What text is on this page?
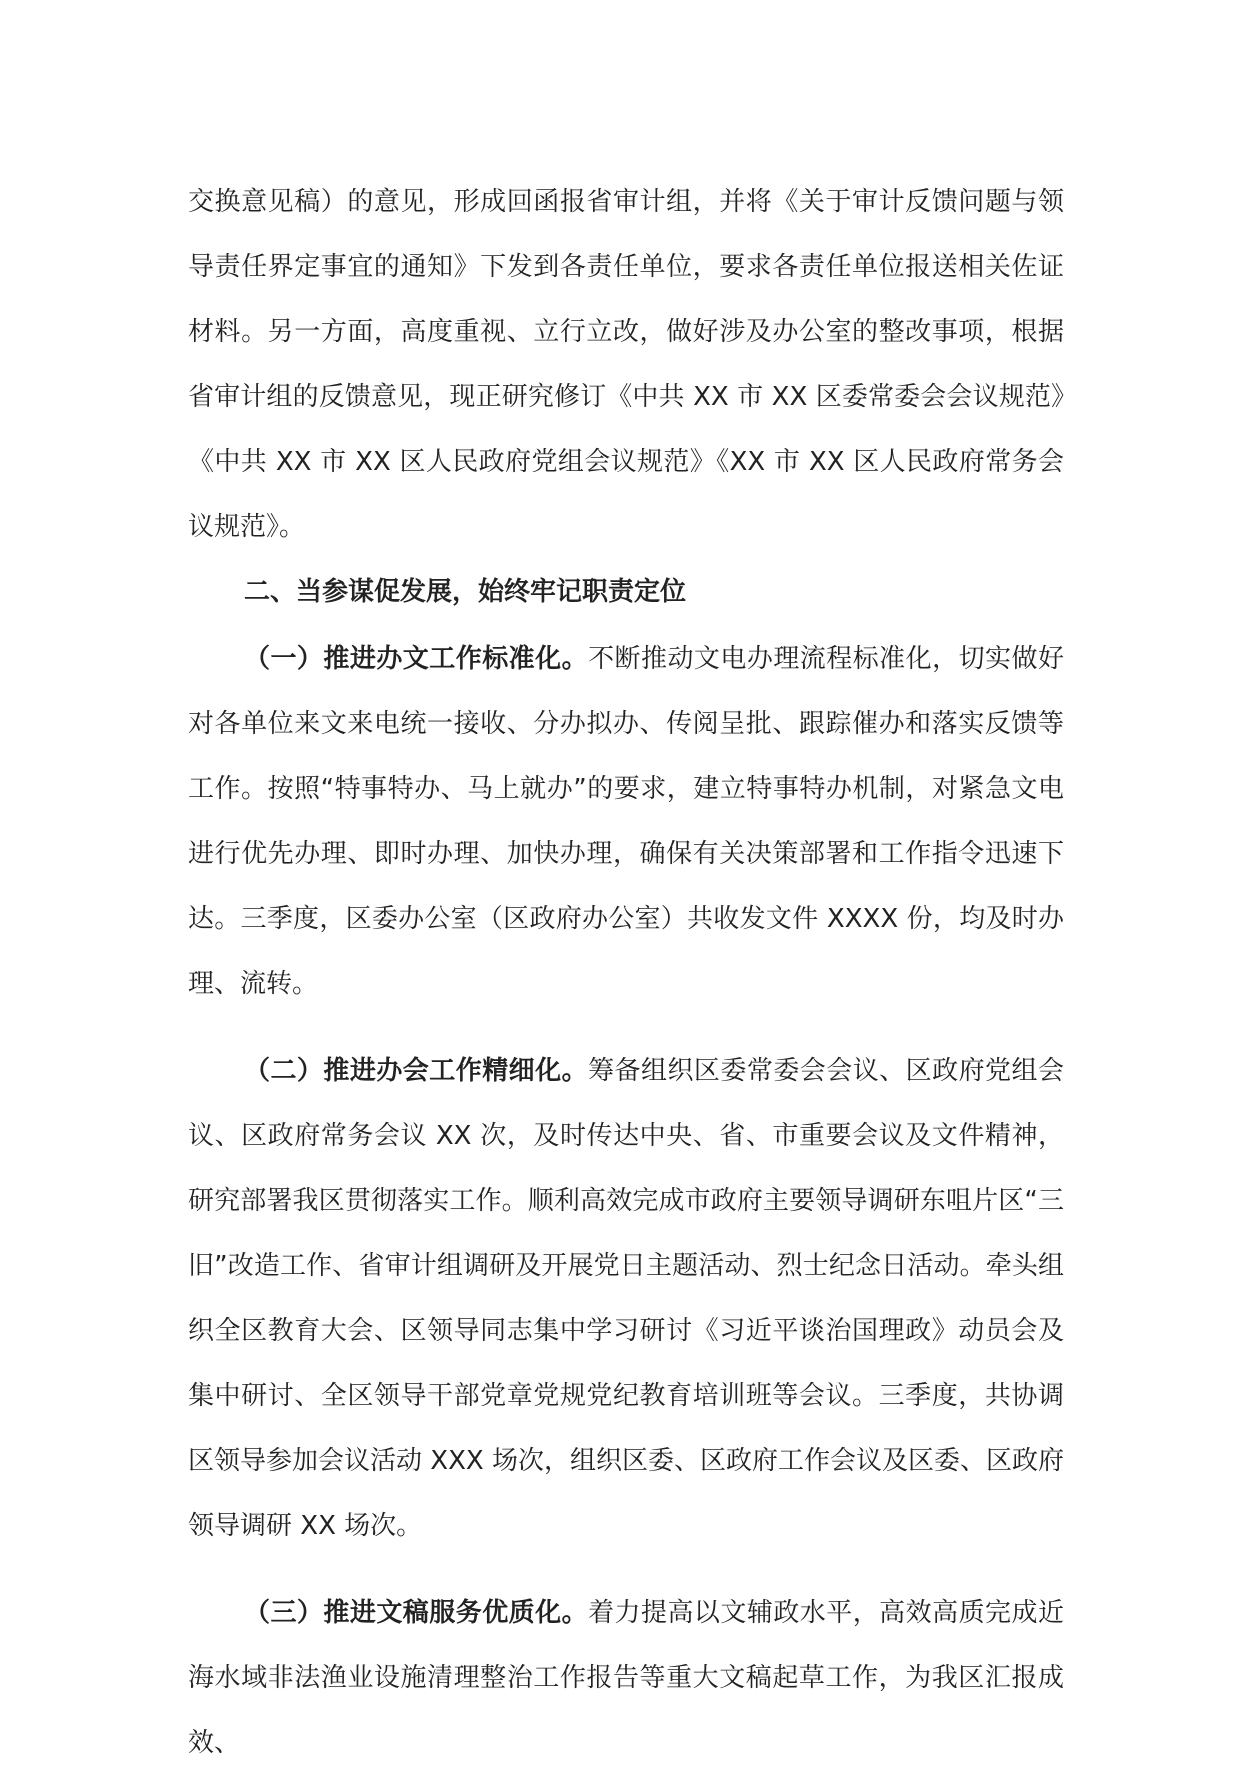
交换意见稿）的意见，形成回函报省审计组，并将《关于审计反馈问题与领导责任界定事宜的通知》下发到各责任单位，要求各责任单位报送相关佐证材料。另一方面，高度重视、立行立改，做好涉及办公室的整改事项，根据省审计组的反馈意见，现正研究修订《中共 XX 市 XX 区委常委会会议规范》《中共 XX 市 XX 区人民政府党组会议规范》《XX 市 XX 区人民政府常务会议规范》。

二、当参谋促发展，始终牢记职责定位

（一）推进办文工作标准化。不断推动文电办理流程标准化，切实做好对各单位来文来电统一接收、分办拟办、传阅呈批、跟踪催办和落实反馈等工作。按照“特事特办、马上就办”的要求，建立特事特办机制，对紧急文电进行优先办理、即时办理、加快办理，确保有关决策部署和工作指令迅速下达。三季度，区委办公室（区政府办公室）共收发文件 XXXX 份，均及时办理、流转。

（二）推进办会工作精细化。筹备组织区委常委会会议、区政府党组会议、区政府常务会议 XX 次，及时传达中央、省、市重要会议及文件精神，研究部署我区贯彻落实工作。顺利高效完成市政府主要领导调研东咀片区“三旧”改造工作、省审计组调研及开展党日主题活动、烈士纪念日活动。牵头组织全区教育大会、区领导同志集中学习研讨《习近平谈治国理政》动员会及集中研讨、全区领导干部党章党规党纪教育培训班等会议。三季度，共协调区领导参加会议活动 XXX 场次，组织区委、区政府工作会议及区委、区政府领导调研 XX 场次。

（三）推进文稿服务优质化。着力提高以文辅政水平，高效高质完成近海水域非法渔业设施清理整治工作报告等重大文稿起草工作，为我区汇报成效、
